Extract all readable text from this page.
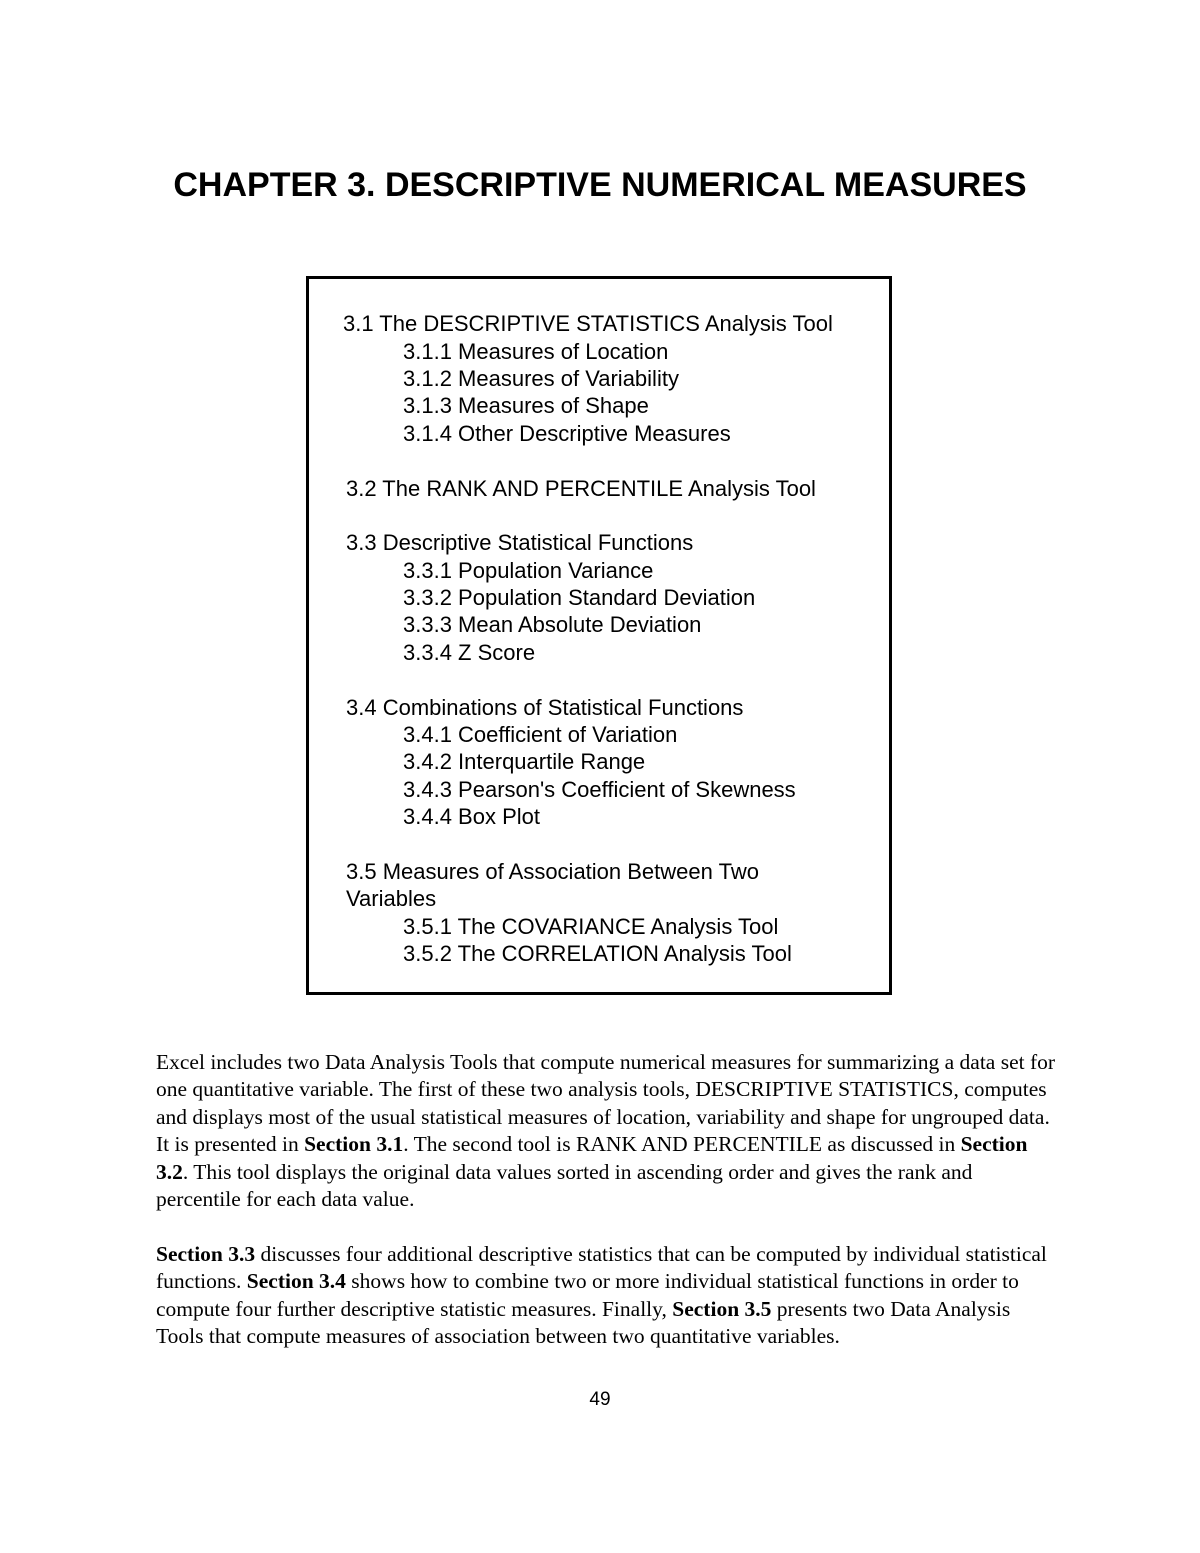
CHAPTER 3. DESCRIPTIVE NUMERICAL MEASURES
3.1 The DESCRIPTIVE STATISTICS Analysis Tool
3.1.1 Measures of Location
3.1.2 Measures of Variability
3.1.3 Measures of Shape
3.1.4 Other Descriptive Measures
3.2 The RANK AND PERCENTILE Analysis Tool
3.3 Descriptive Statistical Functions
3.3.1 Population Variance
3.3.2 Population Standard Deviation
3.3.3 Mean Absolute Deviation
3.3.4 Z Score
3.4 Combinations of Statistical Functions
3.4.1 Coefficient of Variation
3.4.2 Interquartile Range
3.4.3 Pearson's Coefficient of Skewness
3.4.4 Box Plot
3.5 Measures of Association Between Two
Variables
3.5.1 The COVARIANCE Analysis Tool
3.5.2 The CORRELATION Analysis Tool

Excel includes two Data Analysis Tools that compute numerical measures for summarizing a data set for one quantitative variable. The first of these two analysis tools, DESCRIPTIVE STATISTICS, computes and displays most of the usual statistical measures of location, variability and shape for ungrouped data. It is presented in Section 3.1. The second tool is RANK AND PERCENTILE as discussed in Section 3.2. This tool displays the original data values sorted in ascending order and gives the rank and percentile for each data value.

Section 3.3 discusses four additional descriptive statistics that can be computed by individual statistical functions. Section 3.4 shows how to combine two or more individual statistical functions in order to compute four further descriptive statistic measures. Finally, Section 3.5 presents two Data Analysis Tools that compute measures of association between two quantitative variables.

49
